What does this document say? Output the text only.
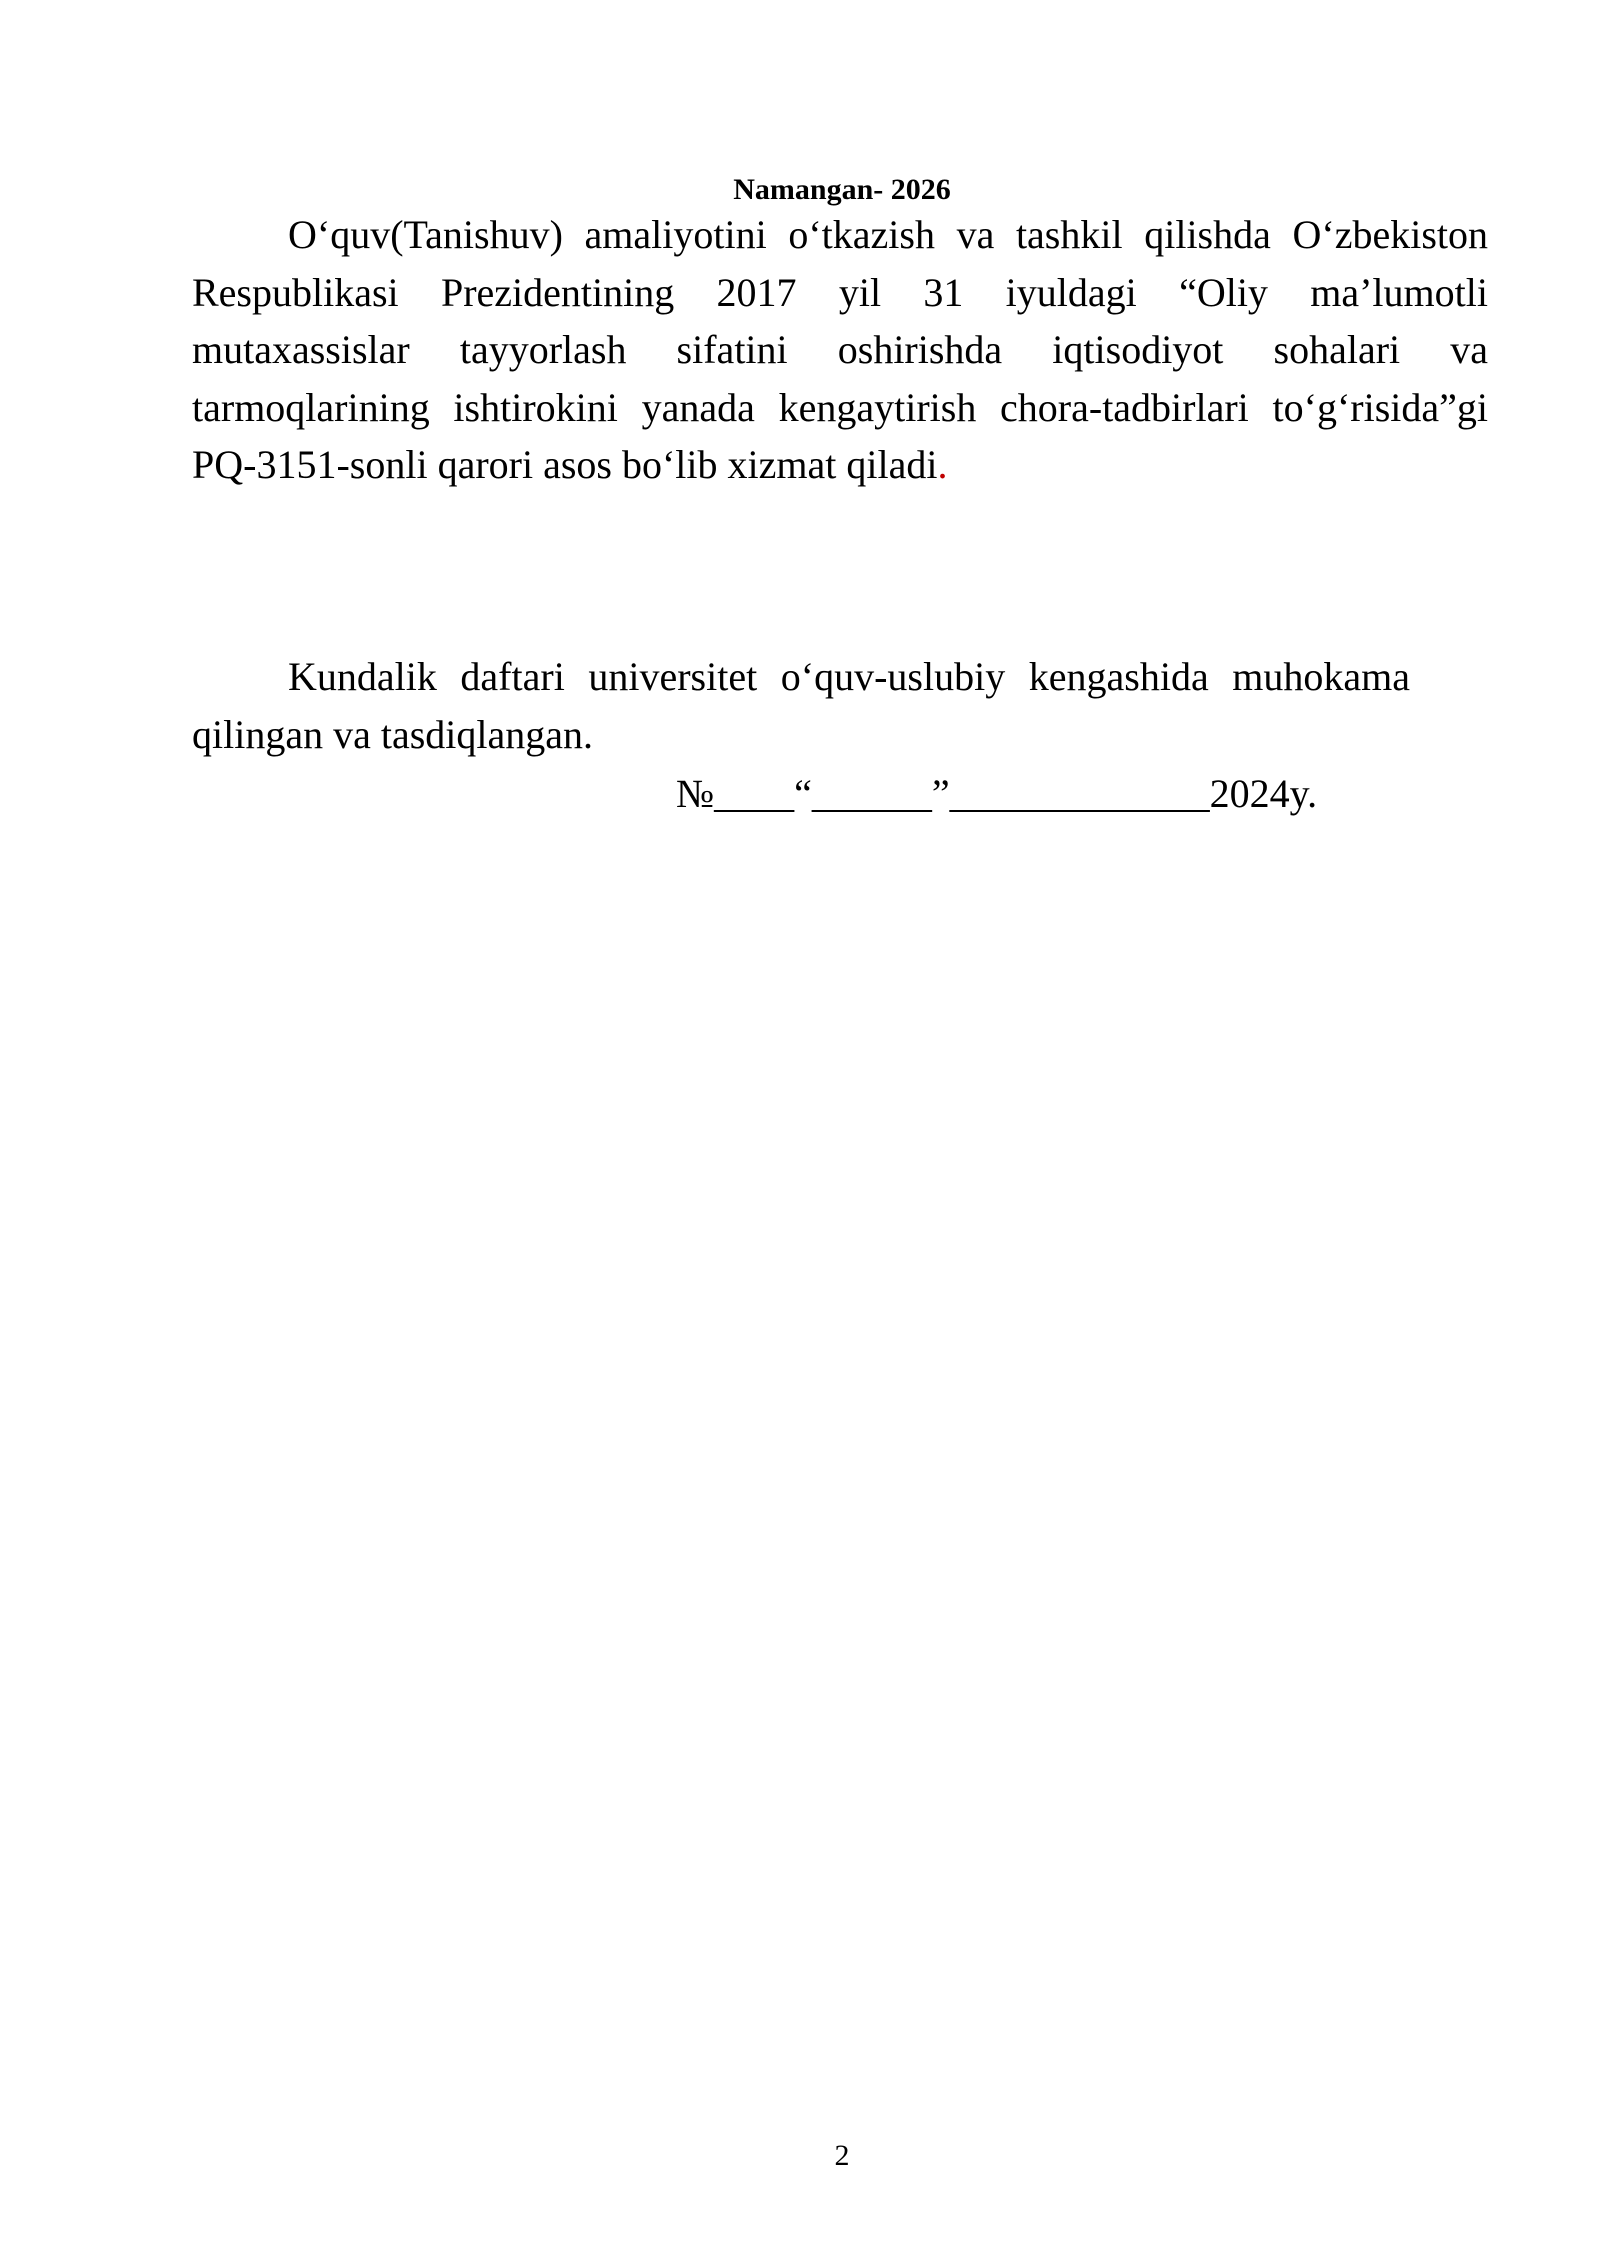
Namangan- 2026
O‘quv(Tanishuv) amaliyotini o‘tkazish va tashkil qilishda O‘zbekiston Respublikasi Prezidentining 2017 yil 31 iyuldagi “Oliy ma’lumotli mutaxassislar tayyorlash sifatini oshirishda iqtisodiyot sohalari va tarmoqlarining ishtirokini yanada kengaytirish chora-tadbirlari to‘g‘risida”gi PQ-3151-sonli qarori asos bo‘lib xizmat qiladi.
Kundalik daftari universitet o‘quv-uslubiy kengashida muhokama qilingan va tasdiqlangan.
№____“______”_____________2024y.
2
